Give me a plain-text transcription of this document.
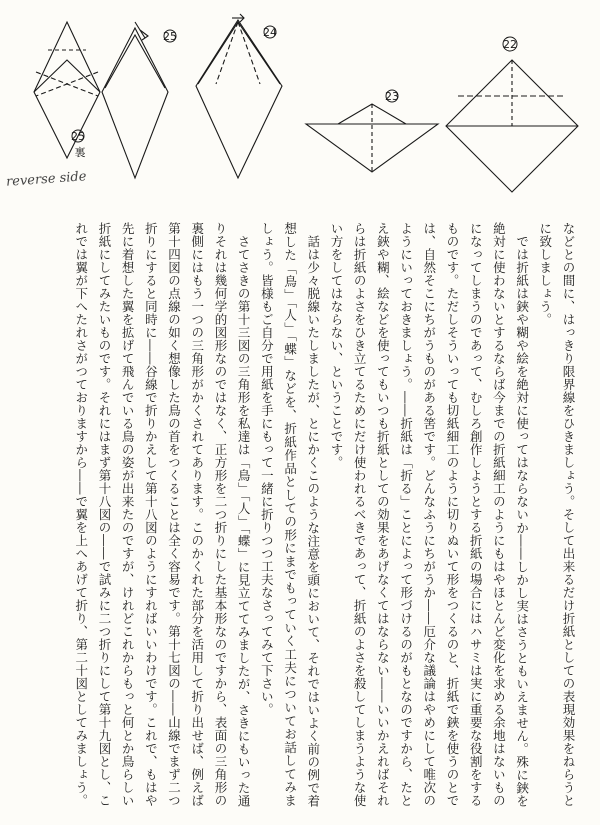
25
裏
25	24
23
22
reverse side

などとの間に、はっきり限界線をひきましょう。そして出来るだけ折紙としての表現効果をねらうとに致しましょう。

では折紙は鋏や糊や絵を絶対に使ってはならないか――しかし実はさうともいえません。殊に鋏を絶対に使わないとするならば今までの折紙細工のようにもはやほとんど変化を求める余地はないものになってしまうのであって、むしろ創作しようとする折紙の場合にはハサミは実に重要な役割をするものです。ただしそういっても切紙細工のように切りぬいて形をつくるのと、折紙で鋏を使うのとでは、自然そこにちがうものがある筈です。どんなふうにちがうか――厄介な議論はやめにして唯次のようにいっておきましょう。――折紙は「折る」ことによって形づけるのがもとなのですから、たとえ鋏や糊、絵などを使ってもいつも折紙としての効果をあげなくてはならない――いいかえればそれらは折紙のよさをひき立てるためにだけ使われるべきであって、折紙のよさを殺してしまうような使い方をしてはならない、ということです。

話は少々脱線いたしましたが、とにかくこのような注意を頭において、それではいよく前の例で着想した「鳥」「人」「蝶」などを、折紙作品としての形にまでもっていく工夫についてお話してみましょう。皆様もご自分で用紙を手にもって一緒に折りつつ工夫なさってみて下さい。

さてさきの第十三図の三角形を私達は「鳥」「人」「蝶」に見立ててみましたが、さきにもいった通りそれは幾何学的図形なのではなく、正方形を二つ折りにした基本形なのですから、表面の三角形の裏側にはもう一つの三角形がかくされてあります。このかくれた部分を活用して折り出せば、例えば第十四図の点線の如く想像した鳥の首をつくることは全く容易です。第十七図の――山線でまず二つ折りにすると同時に――谷線で折りかえして第十八図のようにすればいいわけです。これで、もはや先に着想した翼を拡げて飛んでいる鳥の姿が出来たのですが、けれどこれからもっと何とか鳥らしい折紙にしてみたいものです。それにはまず第十八図の――で試みに二つ折りにして第十九図とし、これでは翼が下へたれさがつておりますから――で翼を上へあげて折り、第二十図としてみましょう。
